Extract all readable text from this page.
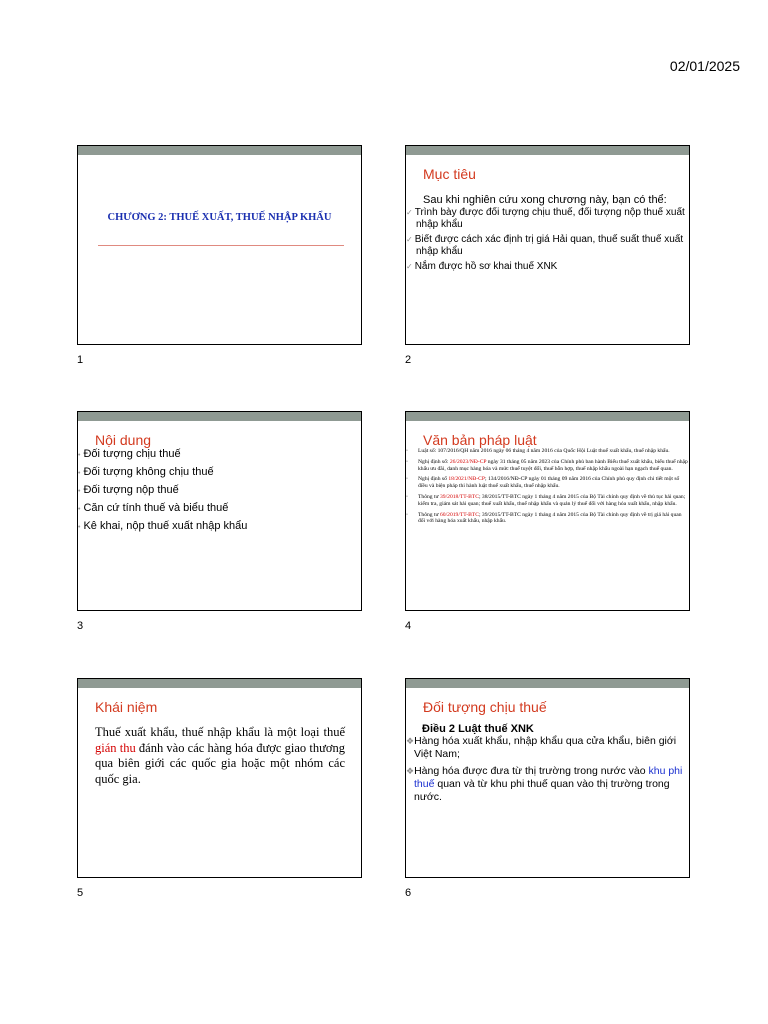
02/01/2025
CHƯƠNG 2: THUẾ XUẤT, THUẾ NHẬP KHẨU
1
Mục tiêu
Sau khi nghiên cứu xong chương này, bạn có thể:
✓ Trình bày được đối tượng chịu thuế, đối tượng nộp thuế xuất nhập khẩu
✓ Biết được cách xác định trị giá Hải quan, thuế suất thuế xuất nhập khẩu
✓ Nắm được hồ sơ khai thuế XNK
2
Nội dung
• Đối tượng chịu thuế
• Đối tượng không chịu thuế
• Đối tượng nộp thuế
• Căn cứ tính thuế và biểu thuế
• Kê khai, nộp thuế xuất nhập khẩu
3
Văn bản pháp luật
• Luật số: 107/2016/QH năm 2016 ngày 06 tháng 4 năm 2016 của Quốc Hội Luật thuế xuất khẩu, thuế nhập khẩu.
• Nghị định số: 26/2023/NĐ-CP ngày 31 tháng 05 năm 2023 của Chính phủ ban hành Biểu thuế xuất khẩu, biểu thuế nhập khẩu ưu đãi, danh mục hàng hóa và mức thuế tuyệt đối, thuế hỗn hợp, thuế nhập khẩu ngoài hạn ngạch thuế quan.
• Nghị định số 18/2021/NĐ-CP; 134/2016/NĐ-CP ngày 01 tháng 09 năm 2016 của Chính phủ quy định chi tiết một số điều và biện pháp thi hành luật thuế xuất khẩu, thuế nhập khẩu.
• Thông tư 39/2018/TT-BTC; 38/2015/TT-BTC ngày 1 tháng 4 năm 2015 của Bộ Tài chính quy định về thủ tục hải quan; kiểm tra, giám sát hải quan; thuế xuất khẩu, thuế nhập khẩu và quản lý thuế đối với hàng hóa xuất khẩu, nhập khẩu.
• Thông tư 60/2019/TT-BTC; 39/2015/TT-BTC ngày 1 tháng 4 năm 2015 của Bộ Tài chính quy định về trị giá hải quan đối với hàng hóa xuất khẩu, nhập khẩu.
4
Khái niệm
Thuế xuất khẩu, thuế nhập khẩu là một loại thuế gián thu đánh vào các hàng hóa được giao thương qua biên giới các quốc gia hoặc một nhóm các quốc gia.
5
Đối tượng chịu thuế
Điều 2 Luật thuế XNK
❖Hàng hóa xuất khẩu, nhập khẩu qua cửa khẩu, biên giới Việt Nam;
❖Hàng hóa được đưa từ thị trường trong nước vào khu phi thuế quan và từ khu phi thuế quan vào thị trường trong nước.
6
